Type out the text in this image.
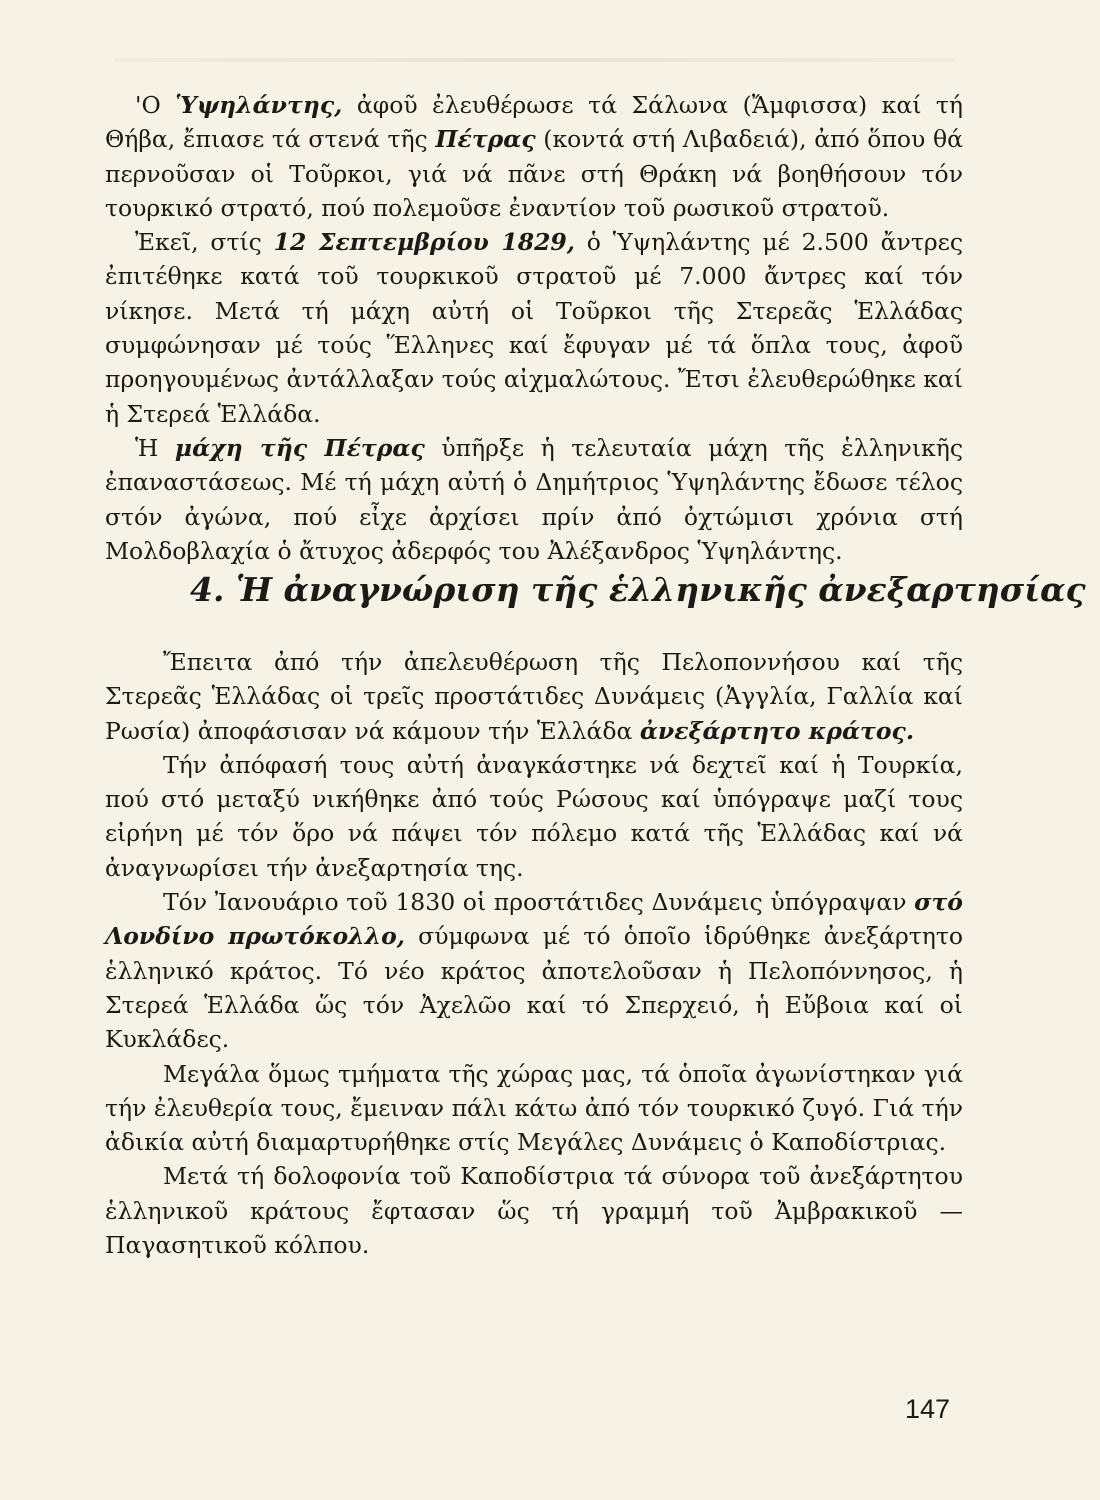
'Ο Ὑψηλάντης, ἀφοῦ ἐλευθέρωσε τά Σάλωνα (Ἄμφισσα) καί τή Θήβα, ἔπιασε τά στενά τῆς Πέτρας (κοντά στή Λιβαδειά), ἀπό ὅπου θά περνοῦσαν οἱ Τοῦρκοι, γιά νά πᾶνε στή Θράκη νά βοηθήσουν τόν τουρκικό στρατό, πού πολεμοῦσε ἐναντίον τοῦ ρωσικοῦ στρατοῦ.

Ἐκεῖ, στίς 12 Σεπτεμβρίου 1829, ὁ Ὑψηλάντης μέ 2.500 ἄντρες ἐπιτέθηκε κατά τοῦ τουρκικοῦ στρατοῦ μέ 7.000 ἄντρες καί τόν νίκησε. Μετά τή μάχη αὐτή οἱ Τοῦρκοι τῆς Στερεᾶς Ἑλλάδας συμφώνησαν μέ τούς Ἕλληνες καί ἔφυγαν μέ τά ὅπλα τους, ἀφοῦ προηγουμένως ἀντάλλαξαν τούς αἰχμαλώτους. Ἔτσι ἐλευθερώθηκε καί ἡ Στερεά Ἑλλάδα.

Ἡ μάχη τῆς Πέτρας ὑπῆρξε ἡ τελευταία μάχη τῆς ἑλληνικῆς ἐπαναστάσεως. Μέ τή μάχη αὐτή ὁ Δημήτριος Ὑψηλάντης ἔδωσε τέλος στόν ἀγώνα, πού εἶχε ἀρχίσει πρίν ἀπό ὀχτώμισι χρόνια στή Μολδοβλαχία ὁ ἄτυχος ἀδερφός του Ἀλέξανδρος Ὑψηλάντης.

4. Ἡ ἀναγνώριση τῆς ἑλληνικῆς ἀνεξαρτησίας

Ἔπειτα ἀπό τήν ἀπελευθέρωση τῆς Πελοποννήσου καί τῆς Στερεᾶς Ἑλλάδας οἱ τρεῖς προστάτιδες Δυνάμεις (Ἀγγλία, Γαλλία καί Ρωσία) ἀποφάσισαν νά κάμουν τήν Ἑλλάδα ἀνεξάρτητο κράτος.

Τήν ἀπόφασή τους αὐτή ἀναγκάστηκε νά δεχτεῖ καί ἡ Τουρκία, πού στό μεταξύ νικήθηκε ἀπό τούς Ρώσους καί ὑπόγραψε μαζί τους εἰρήνη μέ τόν ὅρο νά πάψει τόν πόλεμο κατά τῆς Ἑλλάδας καί νά ἀναγνωρίσει τήν ἀνεξαρτησία της.

Τόν Ἰανουάριο τοῦ 1830 οἱ προστάτιδες Δυνάμεις ὑπόγραψαν στό Λονδίνο πρωτόκολλο, σύμφωνα μέ τό ὁποῖο ἱδρύθηκε ἀνεξάρτητο ἑλληνικό κράτος. Τό νέο κράτος ἀποτελοῦσαν ἡ Πελοπόννησος, ἡ Στερεά Ἑλλάδα ὥς τόν Ἀχελῶο καί τό Σπερχειό, ἡ Εὔβοια καί οἱ Κυκλάδες.

Μεγάλα ὅμως τμήματα τῆς χώρας μας, τά ὁποῖα ἀγωνίστηκαν γιά τήν ἐλευθερία τους, ἔμειναν πάλι κάτω ἀπό τόν τουρκικό ζυγό. Γιά τήν ἀδικία αὐτή διαμαρτυρήθηκε στίς Μεγάλες Δυνάμεις ὁ Καποδίστριας.

Μετά τή δολοφονία τοῦ Καποδίστρια τά σύνορα τοῦ ἀνεξάρτητου ἑλληνικοῦ κράτους ἔφτασαν ὥς τή γραμμή τοῦ Ἀμβρακικοῦ — Παγασητικοῦ κόλπου.

147
